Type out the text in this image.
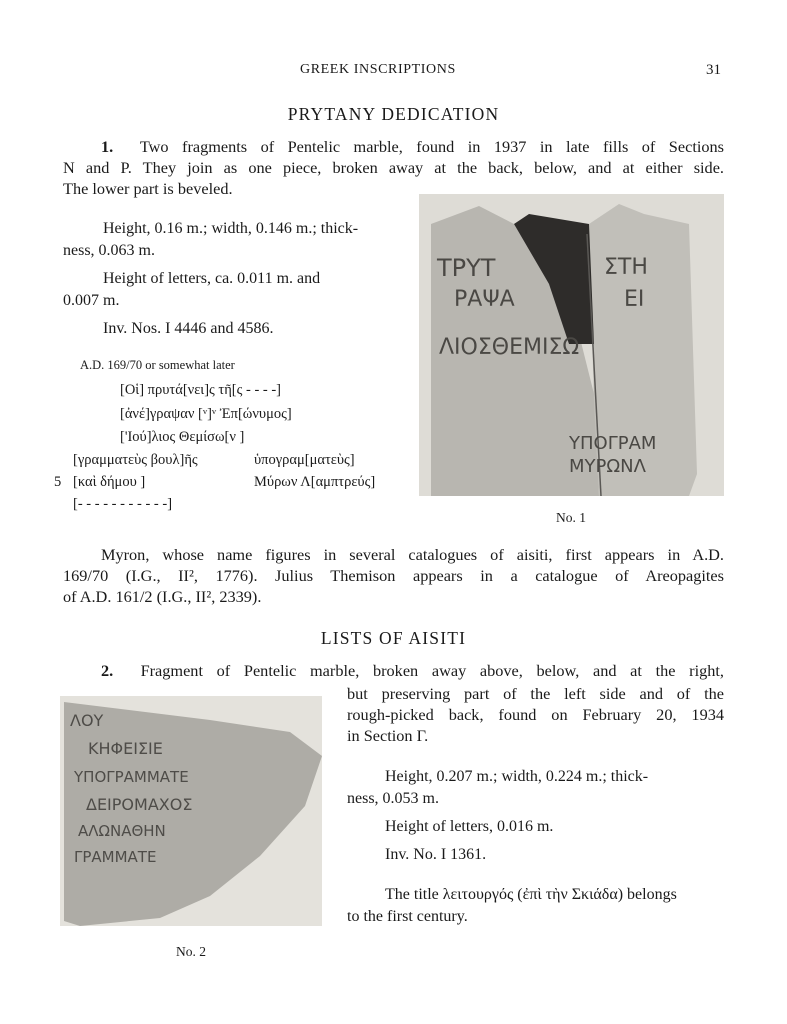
GREEK INSCRIPTIONS	31
PRYTANY DEDICATION
1. Two fragments of Pentelic marble, found in 1937 in late fills of Sections
N and P. They join as one piece, broken away at the back, below, and at either side.
The lower part is beveled.
Height, 0.16 m.; width, 0.146 m.; thick-
ness, 0.063 m.
Height of letters, ca. 0.011 m. and
0.007 m.
Inv. Nos. I 4446 and 4586.
A.D. 169/70 or somewhat later
[Οἱ] πρυτά[νει]ς τῆ[ς - - - -]
[ἀνέ]γραψαν [ᵛ]ᵛ Ἐπ[ώνυμος]
['Ιού]λιος Θεμίσω[ν ]
[γραμματεὺς βουλ]ῆς	ὑπογραμ[ματεὺς]
5 [καὶ δήμου ]	Μύρων Λ[αμπτρεύς]
[- - - - - - - - - - -]
ΤΡΥΤ	ΣΤΗ
ΡΑΨΑ	ΕΙ
ΛΙΟΣΘΕΜΙΣΩ
ΥΠΟΓΡΑΜ
ΜΥΡΩΝΛ
No. 1
Myron, whose name figures in several catalogues of aisiti, first appears in A.D.
169/70 (I.G., II², 1776). Julius Themison appears in a catalogue of Areopagites
of A.D. 161/2 (I.G., II², 2339).
LISTS OF AISITI
2. Fragment of Pentelic marble, broken away above, below, and at the right,
but preserving part of the left side and of the
rough-picked back, found on February 20, 1934
in Section Γ.
Height, 0.207 m.; width, 0.224 m.; thick-
ness, 0.053 m.
Height of letters, 0.016 m.
Inv. No. I 1361.
The title λειτουργός (ἐπὶ τὴν Σκιάδα) belongs
to the first century.
ΛΟΥ
ΚΗΦΕΙΣΙΕ
ΥΠΟΓΡΑΜΜΑΤΕ
ΔΕΙΡΟΜΑΧΟΣ
ΑΛΩΝΑΘΗΝ
ΓΡΑΜΜΑΤΕ
No. 2
